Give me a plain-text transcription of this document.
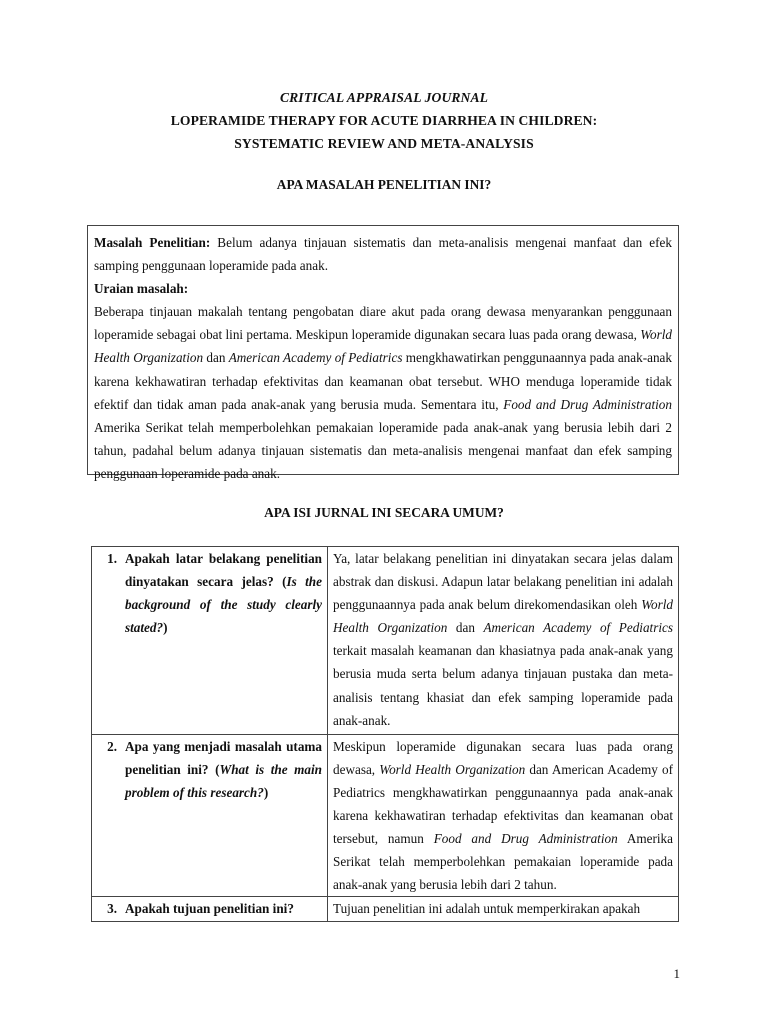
CRITICAL APPRAISAL JOURNAL
LOPERAMIDE THERAPY FOR ACUTE DIARRHEA IN CHILDREN:
SYSTEMATIC REVIEW AND META-ANALYSIS
APA MASALAH PENELITIAN INI?

Masalah Penelitian: Belum adanya tinjauan sistematis dan meta-analisis mengenai manfaat dan efek samping penggunaan loperamide pada anak.

Uraian masalah:

Beberapa tinjauan makalah tentang pengobatan diare akut pada orang dewasa menyarankan penggunaan loperamide sebagai obat lini pertama. Meskipun loperamide digunakan secara luas pada orang dewasa, World Health Organization dan American Academy of Pediatrics mengkhawatirkan penggunaannya pada anak-anak karena kekhawatiran terhadap efektivitas dan keamanan obat tersebut. WHO menduga loperamide tidak efektif dan tidak aman pada anak-anak yang berusia muda. Sementara itu, Food and Drug Administration Amerika Serikat telah memperbolehkan pemakaian loperamide pada anak-anak yang berusia lebih dari 2 tahun, padahal belum adanya tinjauan sistematis dan meta-analisis mengenai manfaat dan efek samping penggunaan loperamide pada anak.

APA ISI JURNAL INI SECARA UMUM?
1. Apakah latar belakang penelitian dinyatakan secara jelas? (Is the background of the study clearly stated?)	Ya, latar belakang penelitian ini dinyatakan secara jelas dalam abstrak dan diskusi. Adapun latar belakang penelitian ini adalah penggunaannya pada anak belum direkomendasikan oleh World Health Organization dan American Academy of Pediatrics terkait masalah keamanan dan khasiatnya pada anak-anak yang berusia muda serta belum adanya tinjauan pustaka dan meta-analisis tentang khasiat dan efek samping loperamide pada anak-anak.

2. Apa yang menjadi masalah utama penelitian ini? (What is the main problem of this research?)	Meskipun loperamide digunakan secara luas pada orang dewasa, World Health Organization dan American Academy of Pediatrics mengkhawatirkan penggunaannya pada anak-anak karena kekhawatiran terhadap efektivitas dan keamanan obat tersebut, namun Food and Drug Administration Amerika Serikat telah memperbolehkan pemakaian loperamide pada anak-anak yang berusia lebih dari 2 tahun.

3. Apakah tujuan penelitian ini?	Tujuan penelitian ini adalah untuk memperkirakan apakah
1
